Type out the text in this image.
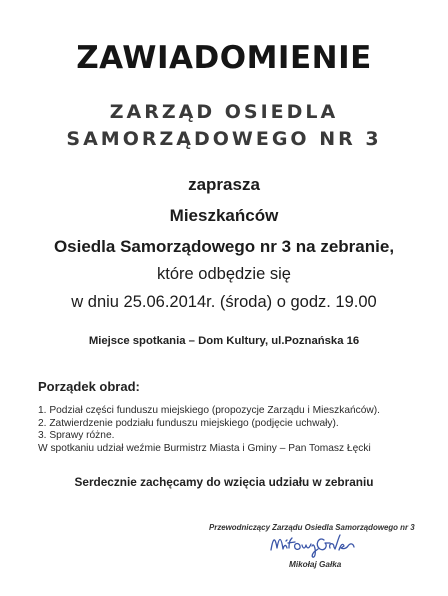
ZAWIADOMIENIE
ZARZĄD OSIEDLA
SAMORZĄDOWEGO NR 3
zaprasza
Mieszkańców
Osiedla Samorządowego nr 3 na zebranie,
które odbędzie się
w dniu 25.06.2014r. (środa) o godz. 19.00
Miejsce spotkania – Dom Kultury, ul.Poznańska 16
Porządek obrad:
1. Podział części funduszu miejskiego (propozycje Zarządu i Mieszkańców).
2. Zatwierdzenie podziału funduszu miejskiego (podjęcie uchwały).
3. Sprawy różne.
W spotkaniu udział weźmie Burmistrz Miasta i Gminy – Pan Tomasz Łęcki
Serdecznie zachęcamy do wzięcia udziału w zebraniu
Przewodniczący Zarządu Osiedla Samorządowego nr 3
Mikołaj Gałka
